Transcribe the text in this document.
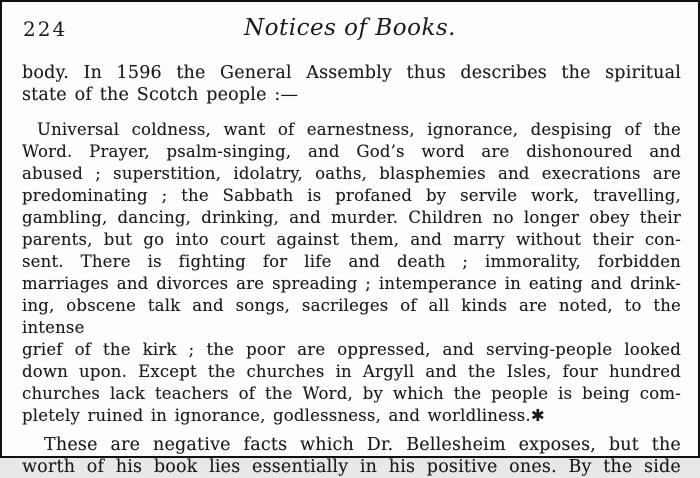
224	Notices of Books.
body. In 1596 the General Assembly thus describes the spiritual
state of the Scotch people :—
Universal coldness, want of earnestness, ignorance, despising of the
Word. Prayer, psalm-singing, and God’s word are dishonoured and
abused ; superstition, idolatry, oaths, blasphemies and execrations are
predominating ; the Sabbath is profaned by servile work, travelling,
gambling, dancing, drinking, and murder. Children no longer obey their
parents, but go into court against them, and marry without their con-
sent. There is fighting for life and death ; immorality, forbidden
marriages and divorces are spreading ; intemperance in eating and drink-
ing, obscene talk and songs, sacrileges of all kinds are noted, to the intense
grief of the kirk ; the poor are oppressed, and serving-people looked
down upon. Except the churches in Argyll and the Isles, four hundred
churches lack teachers of the Word, by which the people is being com-
pletely ruined in ignorance, godlessness, and worldliness.✱
These are negative facts which Dr. Bellesheim exposes, but the
worth of his book lies essentially in his positive ones. By the side
